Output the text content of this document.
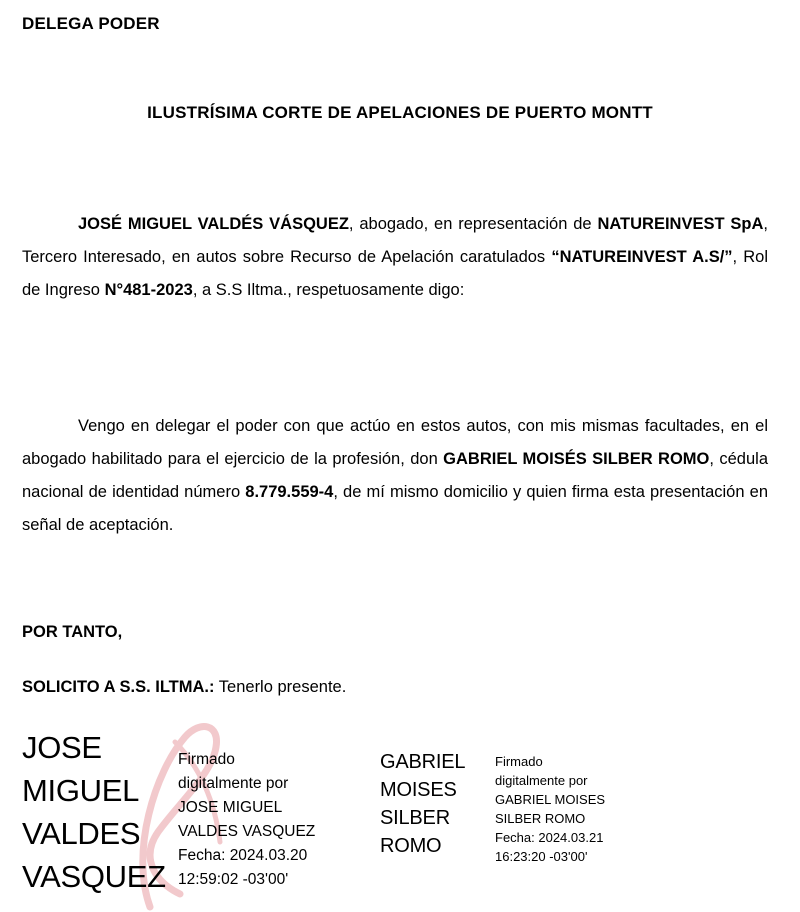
DELEGA PODER
ILUSTRÍSIMA CORTE DE APELACIONES DE PUERTO MONTT
JOSÉ MIGUEL VALDÉS VÁSQUEZ, abogado, en representación de NATUREINVEST SpA, Tercero Interesado, en autos sobre Recurso de Apelación caratulados “NATUREINVEST A.S/”, Rol de Ingreso N°481-2023, a S.S Iltma., respetuosamente digo:
Vengo en delegar el poder con que actúo en estos autos, con mis mismas facultades, en el abogado habilitado para el ejercicio de la profesión, don GABRIEL MOISÉS SILBER ROMO, cédula nacional de identidad número 8.779.559-4, de mí mismo domicilio y quien firma esta presentación en señal de aceptación.
POR TANTO,
SOLICITO A S.S. ILTMA.: Tenerlo presente.
JOSE
MIGUEL
VALDES
VASQUEZ
Firmado
digitalmente por
JOSE MIGUEL
VALDES VASQUEZ
Fecha: 2024.03.20
12:59:02 -03'00'
GABRIEL
MOISES
SILBER
ROMO
Firmado
digitalmente por
GABRIEL MOISES
SILBER ROMO
Fecha: 2024.03.21
16:23:20 -03'00'
